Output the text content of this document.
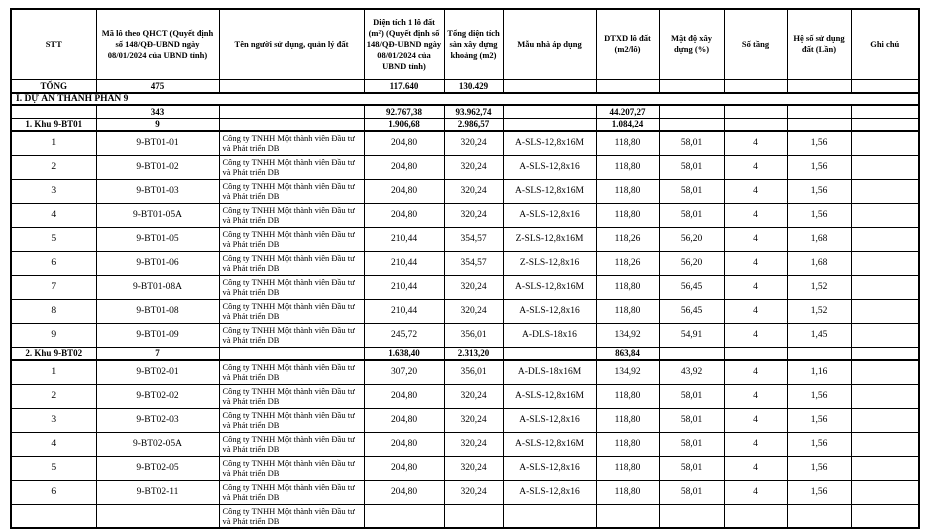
STT	Mã lô theo QHCT (Quyết định số 148/QĐ-UBND ngày 08/01/2024 của UBND tỉnh)	Tên người sử dụng, quản lý đất	Diện tích 1 lô đất (m²) (Quyết định số 148/QĐ-UBND ngày 08/01/2024 của UBND tỉnh)	Tổng diện tích sàn xây dựng khoảng (m2)	Mẫu nhà áp dụng	DTXD lô đất (m2/lô)	Mật độ xây dựng (%)	Số tầng	Hệ số sử dụng đất (Lần)	Ghi chú
TỔNG	475		117.640	130.429						
I. DỰ ÁN THÀNH PHẦN 9										
	343		92.767,38	93.962,74		44.207,27				
1. Khu 9-BT01	9		1.906,68	2.986,57		1.084,24				
1	9-BT01-01	Công ty TNHH Một thành viên Đầu tư và Phát triển DB	204,80	320,24	A-SLS-12,8x16M	118,80	58,01	4	1,56	
2	9-BT01-02	Công ty TNHH Một thành viên Đầu tư và Phát triển DB	204,80	320,24	A-SLS-12,8x16	118,80	58,01	4	1,56	
3	9-BT01-03	Công ty TNHH Một thành viên Đầu tư và Phát triển DB	204,80	320,24	A-SLS-12,8x16M	118,80	58,01	4	1,56	
4	9-BT01-05A	Công ty TNHH Một thành viên Đầu tư và Phát triển DB	204,80	320,24	A-SLS-12,8x16	118,80	58,01	4	1,56	
5	9-BT01-05	Công ty TNHH Một thành viên Đầu tư và Phát triển DB	210,44	354,57	Z-SLS-12,8x16M	118,26	56,20	4	1,68	
6	9-BT01-06	Công ty TNHH Một thành viên Đầu tư và Phát triển DB	210,44	354,57	Z-SLS-12,8x16	118,26	56,20	4	1,68	
7	9-BT01-08A	Công ty TNHH Một thành viên Đầu tư và Phát triển DB	210,44	320,24	A-SLS-12,8x16M	118,80	56,45	4	1,52	
8	9-BT01-08	Công ty TNHH Một thành viên Đầu tư và Phát triển DB	210,44	320,24	A-SLS-12,8x16	118,80	56,45	4	1,52	
9	9-BT01-09	Công ty TNHH Một thành viên Đầu tư và Phát triển DB	245,72	356,01	A-DLS-18x16	134,92	54,91	4	1,45	
2. Khu 9-BT02	7		1.638,40	2.313,20		863,84				
1	9-BT02-01	Công ty TNHH Một thành viên Đầu tư và Phát triển DB	307,20	356,01	A-DLS-18x16M	134,92	43,92	4	1,16	
2	9-BT02-02	Công ty TNHH Một thành viên Đầu tư và Phát triển DB	204,80	320,24	A-SLS-12,8x16M	118,80	58,01	4	1,56	
3	9-BT02-03	Công ty TNHH Một thành viên Đầu tư và Phát triển DB	204,80	320,24	A-SLS-12,8x16	118,80	58,01	4	1,56	
4	9-BT02-05A	Công ty TNHH Một thành viên Đầu tư và Phát triển DB	204,80	320,24	A-SLS-12,8x16M	118,80	58,01	4	1,56	
5	9-BT02-05	Công ty TNHH Một thành viên Đầu tư và Phát triển DB	204,80	320,24	A-SLS-12,8x16	118,80	58,01	4	1,56	
6	9-BT02-11	Công ty TNHH Một thành viên Đầu tư và Phát triển DB	204,80	320,24	A-SLS-12,8x16	118,80	58,01	4	1,56	
		Công ty TNHH Một thành viên Đầu tư và Phát triển DB								
